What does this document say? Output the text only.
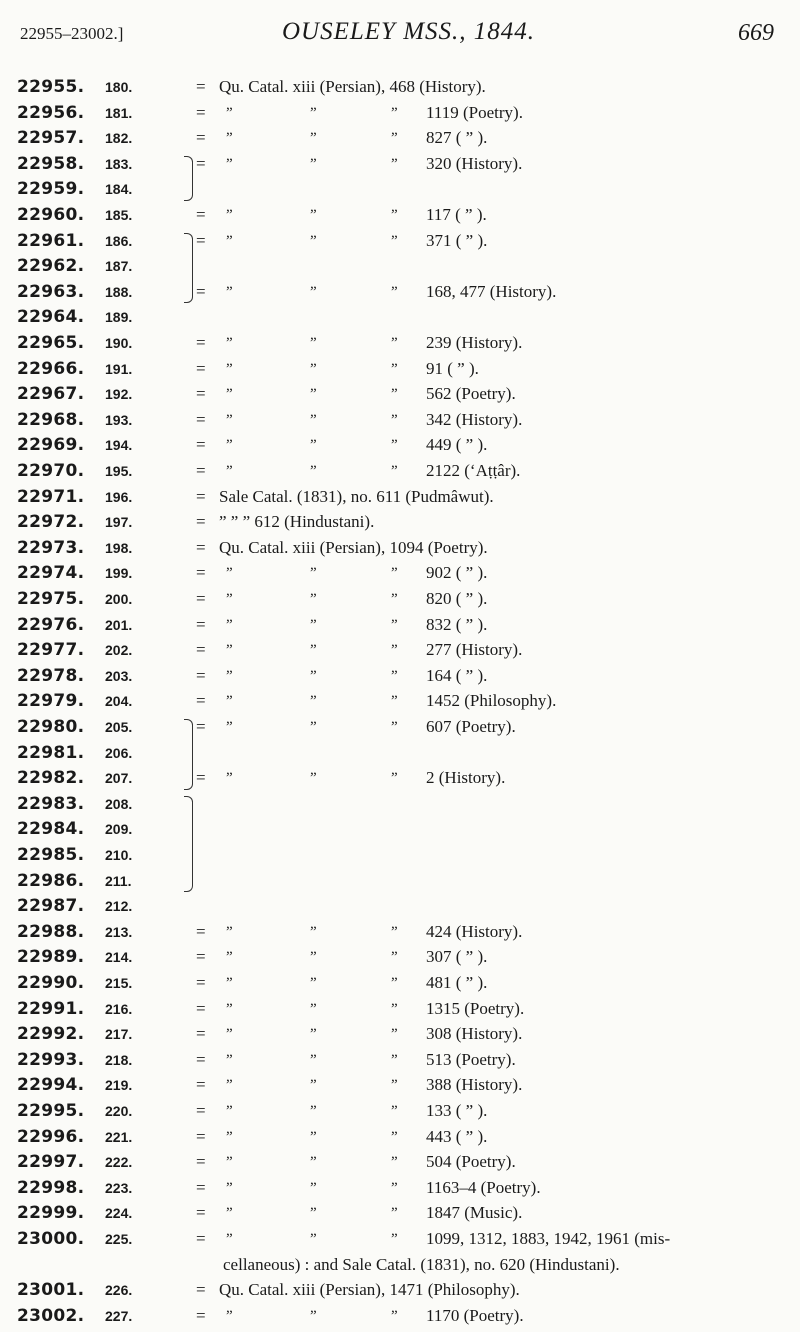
22955–23002.]	OUSELEY MSS., 1844.	669
22955. 180.	= Qu. Catal. xiii (Persian), 468 (History).
22956. 181.	= ”	”	” 1119 (Poetry).
22957. 182.	= ”	”	” 827 ( ” ).
22958. 183.	= ”	”	” 320 (History).
22959. 184.
22960. 185.	= ”	”	” 117 ( ” ).
22961. 186.	= ”	”	” 371 ( ” ).
22962. 187.
22963. 188.	= ”	”	” 168, 477 (History).
22964. 189.
22965. 190.	= ”	”	” 239 (History).
22966. 191.	= ”	”	” 91 ( ” ).
22967. 192.	= ”	”	” 562 (Poetry).
22968. 193.	= ”	”	” 342 (History).
22969. 194.	= ”	”	” 449 ( ” ).
22970. 195.	= ”	”	” 2122 (‘Aṭṭâr).
22971. 196.	= Sale Catal. (1831), no. 611 (Pudmâwut).
22972. 197.	= ” ” ” 612 (Hindustani).
22973. 198.	= Qu. Catal. xiii (Persian), 1094 (Poetry).
22974. 199.	= ”	”	” 902 ( ” ).
22975. 200.	= ”	”	” 820 ( ” ).
22976. 201.	= ”	”	” 832 ( ” ).
22977. 202.	= ”	”	” 277 (History).
22978. 203.	= ”	”	” 164 ( ” ).
22979. 204.	= ”	”	” 1452 (Philosophy).
22980. 205.	= ”	”	” 607 (Poetry).
22981. 206.
22982. 207.	= ”	”	” 2 (History).
22983. 208.
22984. 209.
22985. 210.
22986. 211.
22987. 212.
22988. 213.	= ”	”	” 424 (History).
22989. 214.	= ”	”	” 307 ( ” ).
22990. 215.	= ”	”	” 481 ( ” ).
22991. 216.	= ”	”	” 1315 (Poetry).
22992. 217.	= ”	”	” 308 (History).
22993. 218.	= ”	”	” 513 (Poetry).
22994. 219.	= ”	”	” 388 (History).
22995. 220.	= ”	”	” 133 ( ” ).
22996. 221.	= ”	”	” 443 ( ” ).
22997. 222.	= ”	”	” 504 (Poetry).
22998. 223.	= ”	”	” 1163–4 (Poetry).
22999. 224.	= ”	”	” 1847 (Music).
23000. 225.	= ”	”	” 1099, 1312, 1883, 1942, 1961 (mis-
cellaneous) : and Sale Catal. (1831), no. 620 (Hindustani).
23001. 226.	= Qu. Catal. xiii (Persian), 1471 (Philosophy).
23002. 227.	= ”	”	” 1170 (Poetry).
